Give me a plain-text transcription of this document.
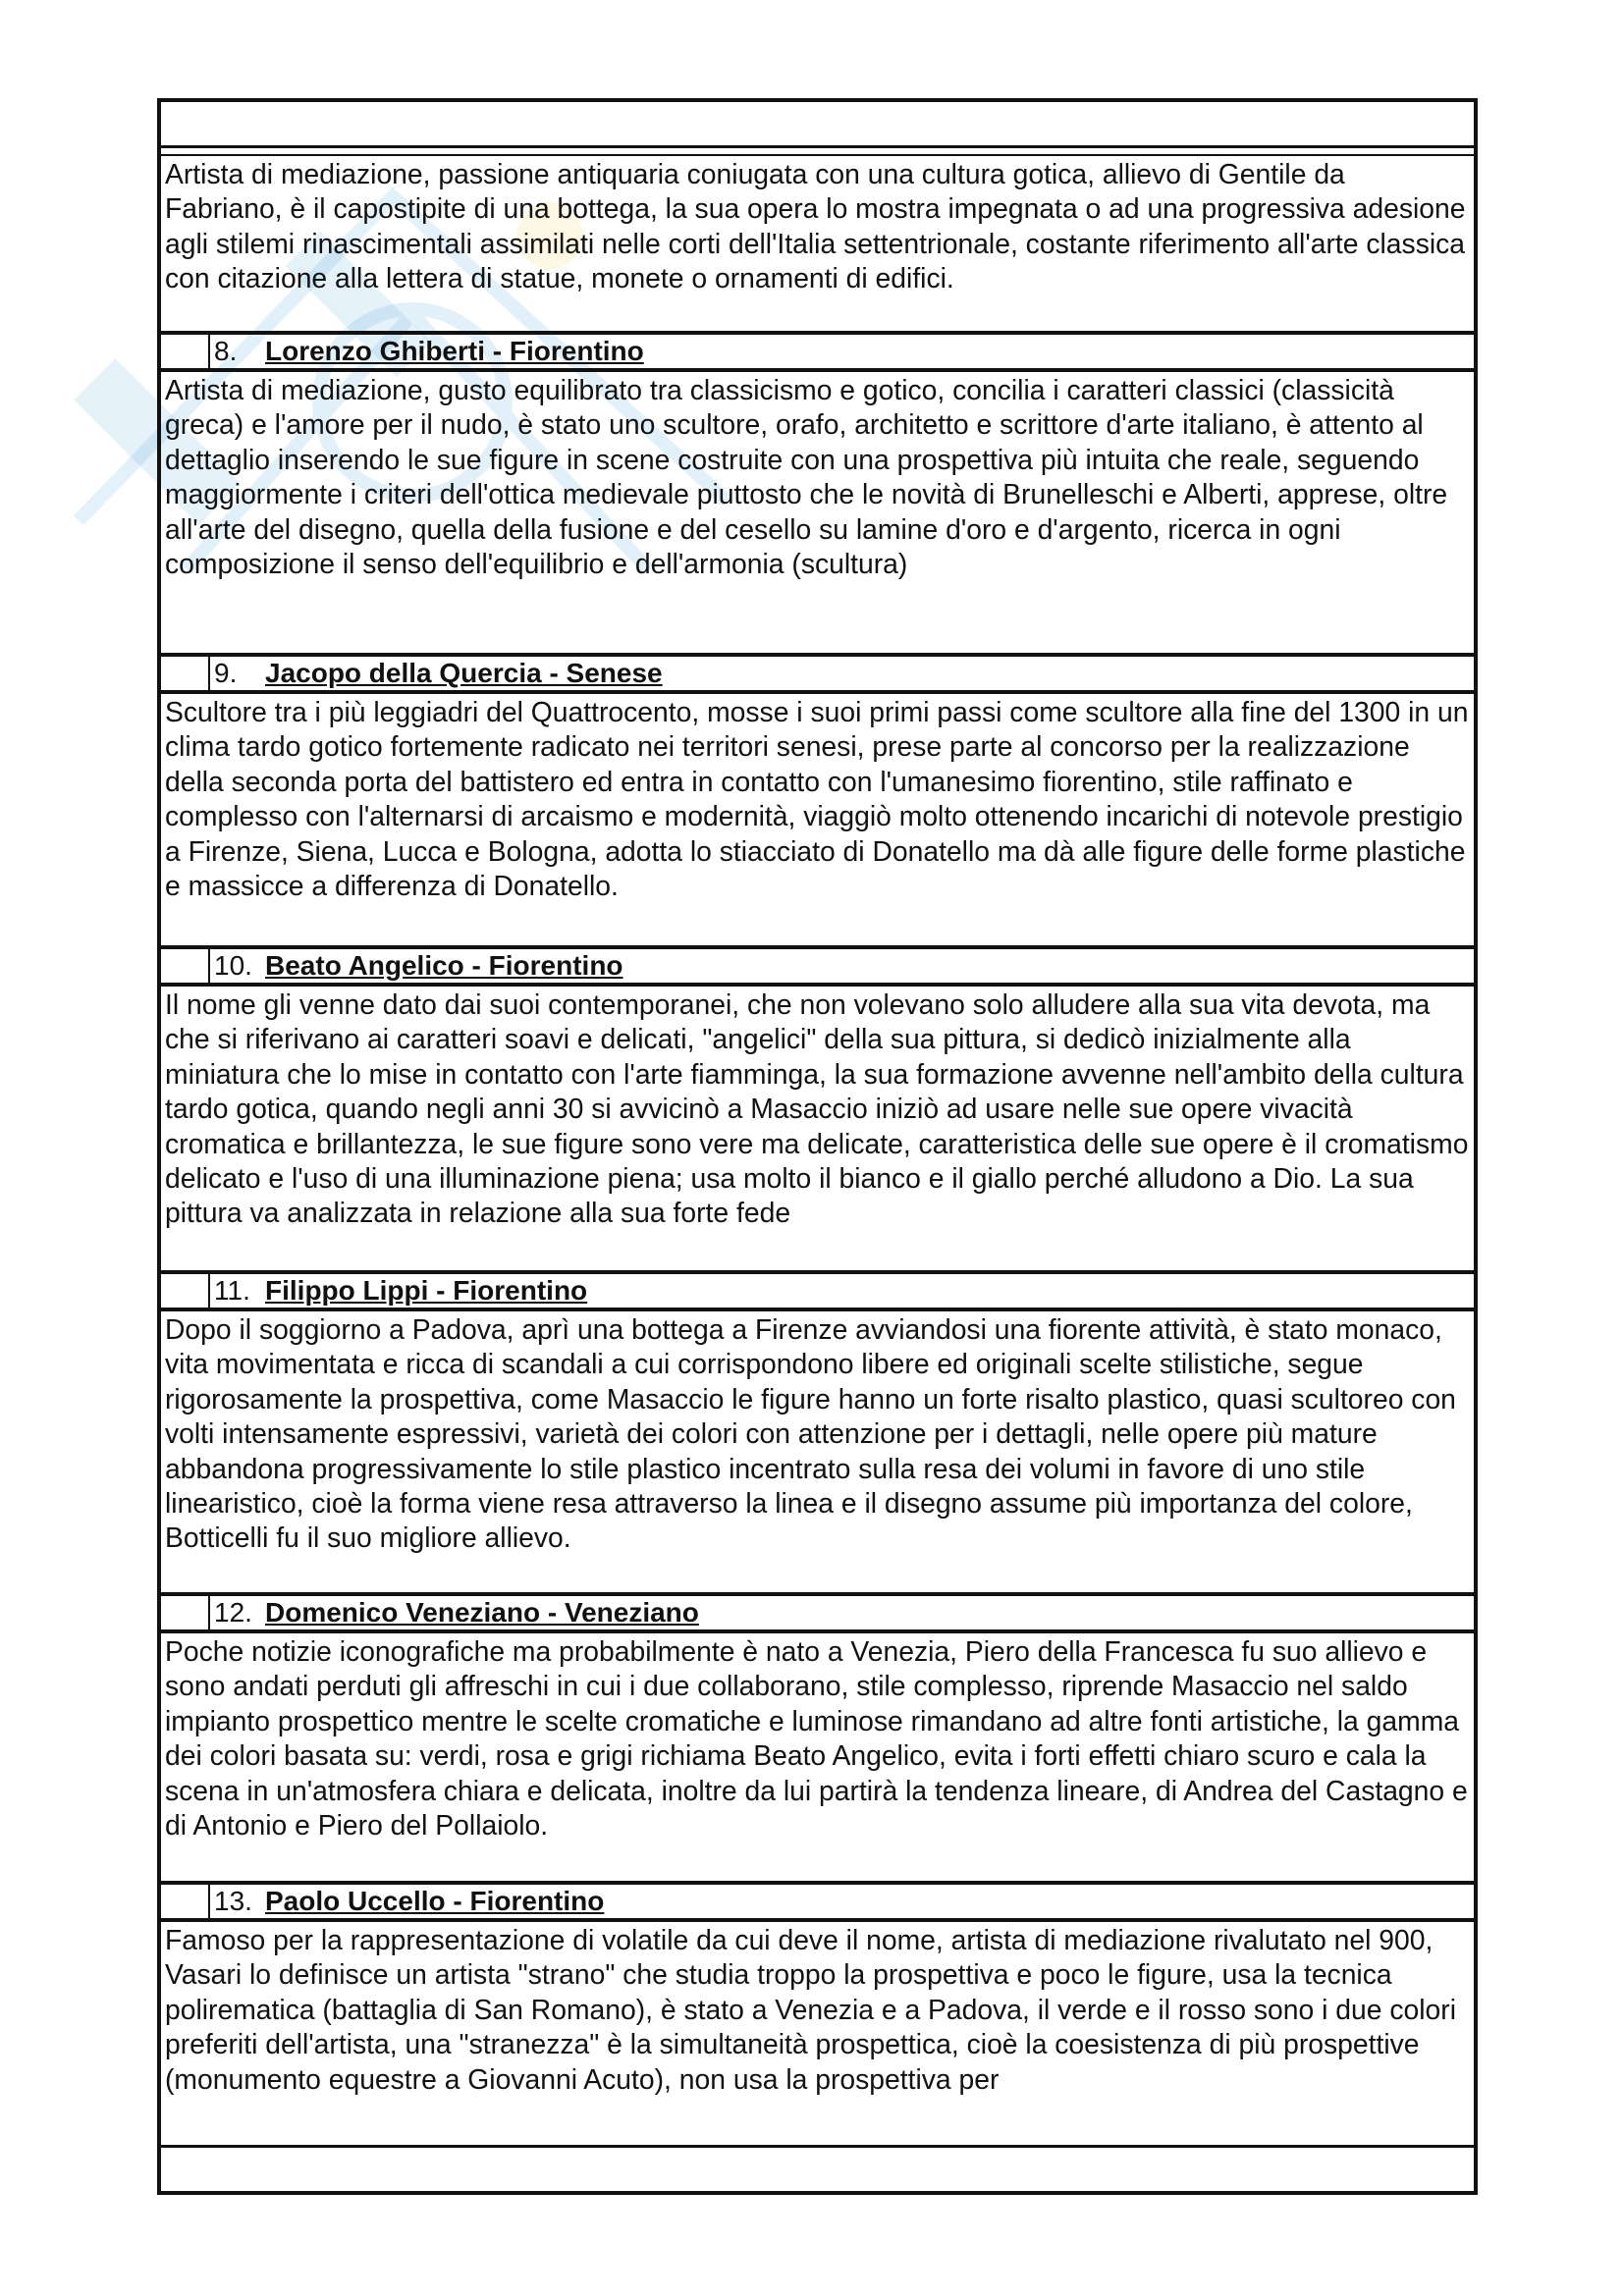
Artista di mediazione, passione antiquaria coniugata con una cultura gotica, allievo di Gentile da Fabriano, è il capostipite di una bottega, la sua opera lo mostra impegnata o ad una progressiva adesione agli stilemi rinascimentali assimilati nelle corti dell'Italia settentrionale, costante riferimento all'arte classica con citazione alla lettera di statue, monete o ornamenti di edifici.

8.	Lorenzo Ghiberti - Fiorentino

Artista di mediazione, gusto equilibrato tra classicismo e gotico, concilia i caratteri classici (classicità greca) e l'amore per il nudo, è stato uno scultore, orafo, architetto e scrittore d'arte italiano, è attento al dettaglio inserendo le sue figure in scene costruite con una prospettiva più intuita che reale, seguendo maggiormente i criteri dell'ottica medievale piuttosto che le novità di Brunelleschi e Alberti, apprese, oltre all'arte del disegno, quella della fusione e del cesello su lamine d'oro e d'argento, ricerca in ogni composizione il senso dell'equilibrio e dell'armonia (scultura)

9.	Jacopo della Quercia - Senese

Scultore tra i più leggiadri del Quattrocento, mosse i suoi primi passi come scultore alla fine del 1300 in un clima tardo gotico fortemente radicato nei territori senesi, prese parte al concorso per la realizzazione della seconda porta del battistero ed entra in contatto con l'umanesimo fiorentino, stile raffinato e complesso con l'alternarsi di arcaismo e modernità, viaggiò molto ottenendo incarichi di notevole prestigio a Firenze, Siena, Lucca e Bologna, adotta lo stiacciato di Donatello ma dà alle figure delle forme plastiche e massicce a differenza di Donatello.

10. Beato Angelico - Fiorentino

Il nome gli venne dato dai suoi contemporanei, che non volevano solo alludere alla sua vita devota, ma che si riferivano ai caratteri soavi e delicati, "angelici" della sua pittura, si dedicò inizialmente alla miniatura che lo mise in contatto con l'arte fiamminga, la sua formazione avvenne nell'ambito della cultura tardo gotica, quando negli anni 30 si avvicinò a Masaccio iniziò ad usare nelle sue opere vivacità cromatica e brillantezza, le sue figure sono vere ma delicate, caratteristica delle sue opere è il cromatismo delicato e l'uso di una illuminazione piena; usa molto il bianco e il giallo perché alludono a Dio. La sua pittura va analizzata in relazione alla sua forte fede

11. Filippo Lippi - Fiorentino

Dopo il soggiorno a Padova, aprì una bottega a Firenze avviandosi una fiorente attività, è stato monaco, vita movimentata e ricca di scandali a cui corrispondono libere ed originali scelte stilistiche, segue rigorosamente la prospettiva, come Masaccio le figure hanno un forte risalto plastico, quasi scultoreo con volti intensamente espressivi, varietà dei colori con attenzione per i dettagli, nelle opere più mature abbandona progressivamente lo stile plastico incentrato sulla resa dei volumi in favore di uno stile linearistico, cioè la forma viene resa attraverso la linea e il disegno assume più importanza del colore, Botticelli fu il suo migliore allievo.

12. Domenico Veneziano - Veneziano

Poche notizie iconografiche ma probabilmente è nato a Venezia, Piero della Francesca fu suo allievo e sono andati perduti gli affreschi in cui i due collaborano, stile complesso, riprende Masaccio nel saldo impianto prospettico mentre le scelte cromatiche e luminose rimandano ad altre fonti artistiche, la gamma dei colori basata su: verdi, rosa e grigi richiama Beato Angelico, evita i forti effetti chiaro scuro e cala la scena in un'atmosfera chiara e delicata, inoltre da lui partirà la tendenza lineare, di Andrea del Castagno e di Antonio e Piero del Pollaiolo.

13. Paolo Uccello - Fiorentino

Famoso per la rappresentazione di volatile da cui deve il nome, artista di mediazione rivalutato nel 900, Vasari lo definisce un artista "strano" che studia troppo la prospettiva e poco le figure, usa la tecnica polirematica (battaglia di San Romano), è stato a Venezia e a Padova, il verde e il rosso sono i due colori preferiti dell'artista, una "stranezza" è la simultaneità prospettica, cioè la coesistenza di più prospettive (monumento equestre a Giovanni Acuto), non usa la prospettiva per
